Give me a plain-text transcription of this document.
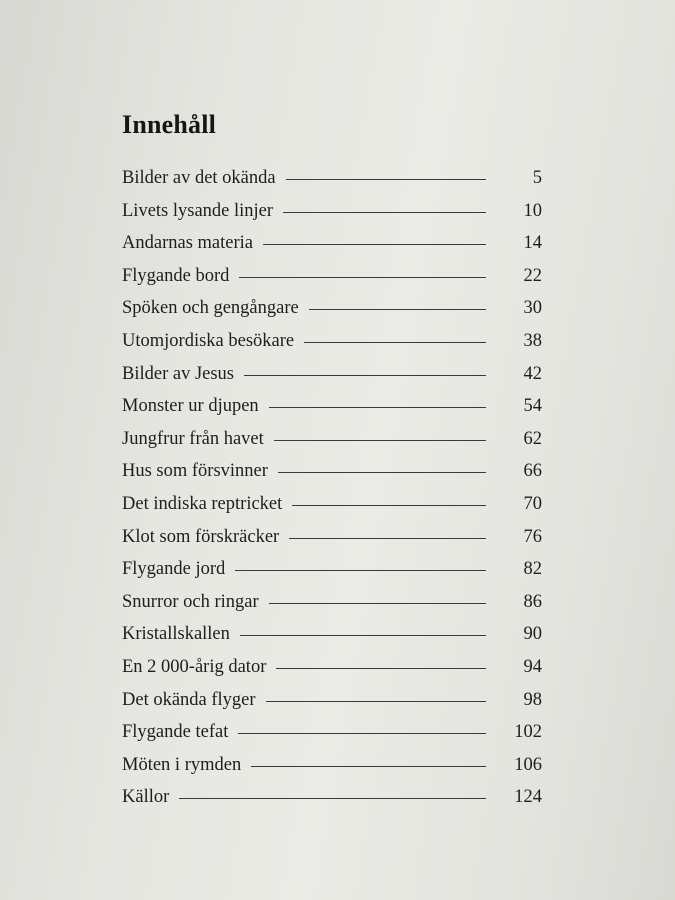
Innehåll
Bilder av det okända	5
Livets lysande linjer	10
Andarnas materia	14
Flygande bord	22
Spöken och gengångare	30
Utomjordiska besökare	38
Bilder av Jesus	42
Monster ur djupen	54
Jungfrur från havet	62
Hus som försvinner	66
Det indiska reptricket	70
Klot som förskräcker	76
Flygande jord	82
Snurror och ringar	86
Kristallskallen	90
En 2 000-årig dator	94
Det okända flyger	98
Flygande tefat	102
Möten i rymden	106
Källor	124
